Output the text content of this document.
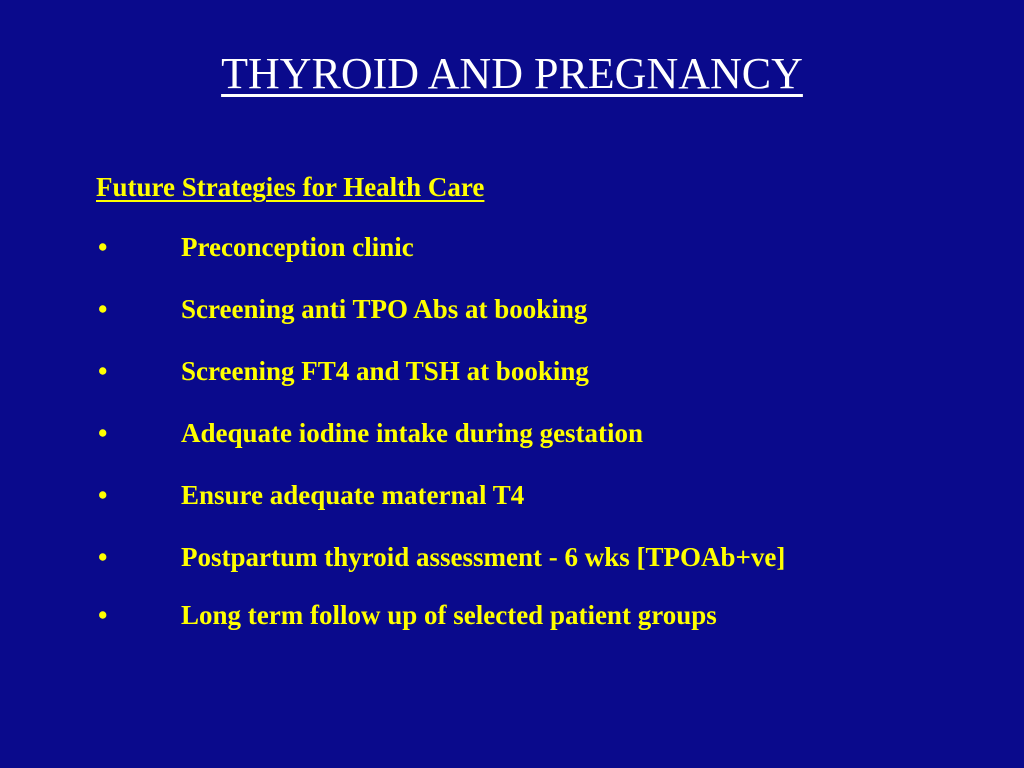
THYROID AND PREGNANCY
Future Strategies for Health Care
•	Preconception clinic
•	Screening anti TPO Abs at booking
•	Screening FT4 and TSH at booking
•	Adequate iodine intake during gestation
•	Ensure adequate maternal T4
•	Postpartum thyroid assessment - 6 wks [TPOAb+ve]
•	Long term follow up of selected patient groups
